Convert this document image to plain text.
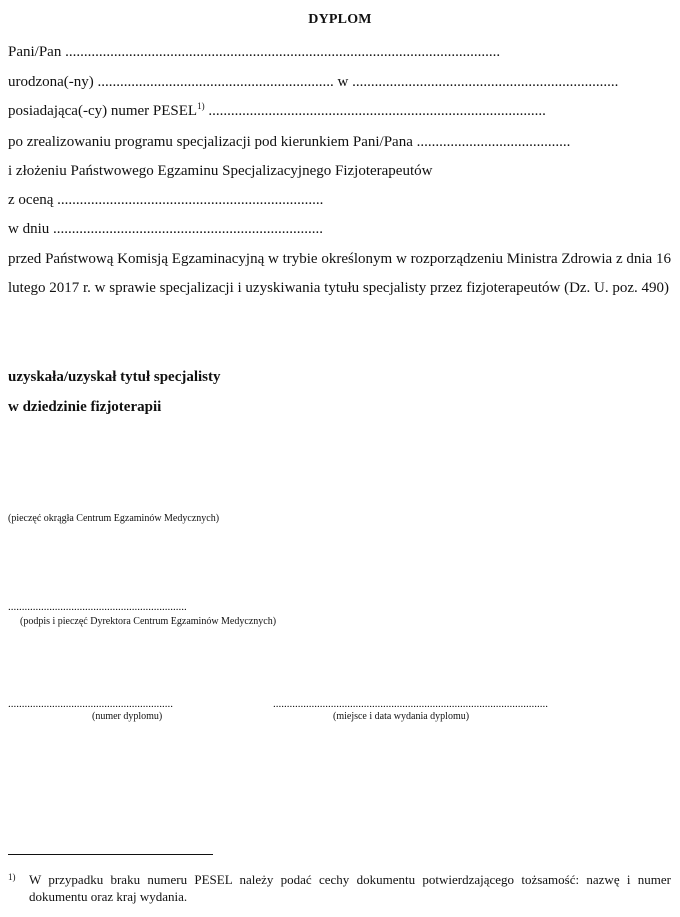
DYPLOM
Pani/Pan ....................................................................................................................
urodzona(-ny) ............................................................... w .......................................................................
posiadająca(-cy) numer PESEL$^{1)}$ ..........................................................................................
po zrealizowaniu programu specjalizacji pod kierunkiem Pani/Pana .........................................
i złożeniu Państwowego Egzaminu Specjalizacyjnego Fizjoterapeutów
z oceną .......................................................................
w dniu ........................................................................
przed Państwową Komisją Egzaminacyjną w trybie określonym w rozporządzeniu Ministra Zdrowia z dnia 16 lutego 2017 r. w sprawie specjalizacji i uzyskiwania tytułu specjalisty przez fizjoterapeutów (Dz. U. poz. 490)
uzyskała/uzyskał tytuł specjalisty
w dziedzinie fizjoterapii
(pieczęć okrągła Centrum Egzaminów Medycznych)
.................................................................
(podpis i pieczęć Dyrektora Centrum Egzaminów Medycznych)
............................................................
(numer dyplomu)
....................................................................................................
(miejsce i data wydania dyplomu)
1) W przypadku braku numeru PESEL należy podać cechy dokumentu potwierdzającego tożsamość: nazwę i numer dokumentu oraz kraj wydania.
